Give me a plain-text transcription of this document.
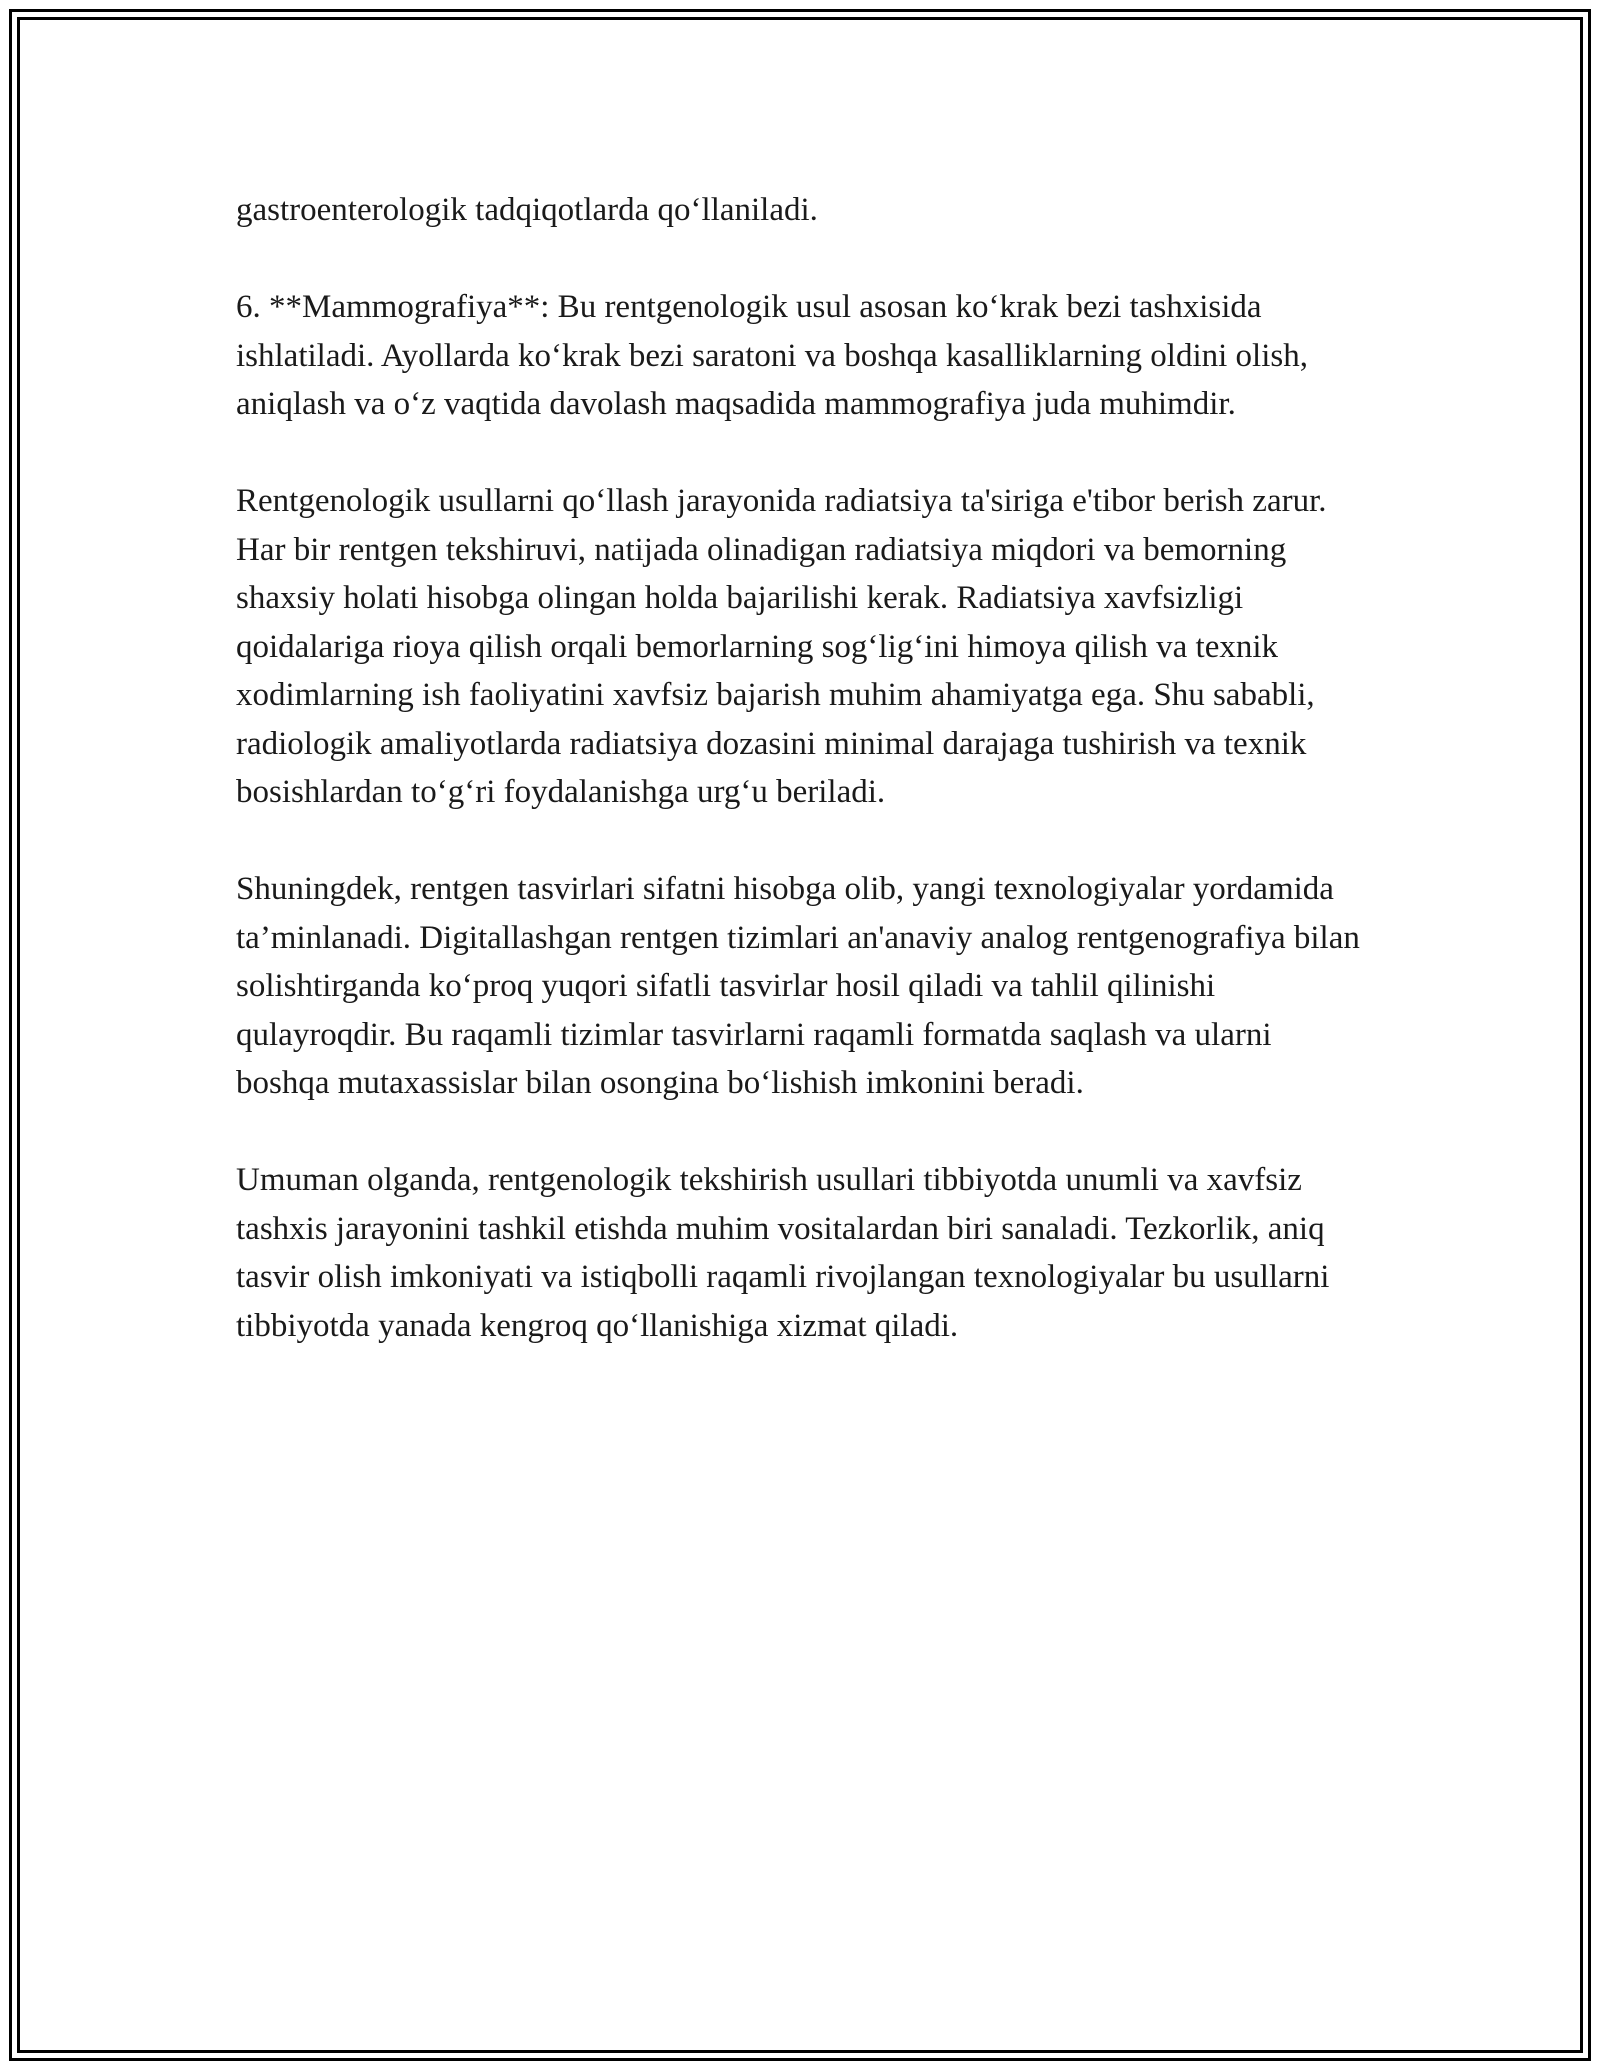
gastroenterologik tadqiqotlarda qo‘llaniladi.

6. **Mammografiya**: Bu rentgenologik usul asosan ko‘krak bezi tashxisida ishlatiladi. Ayollarda ko‘krak bezi saratoni va boshqa kasalliklarning oldini olish, aniqlash va o‘z vaqtida davolash maqsadida mammografiya juda muhimdir.

Rentgenologik usullarni qo‘llash jarayonida radiatsiya ta'siriga e'tibor berish zarur. Har bir rentgen tekshiruvi, natijada olinadigan radiatsiya miqdori va bemorning shaxsiy holati hisobga olingan holda bajarilishi kerak. Radiatsiya xavfsizligi qoidalariga rioya qilish orqali bemorlarning sog‘lig‘ini himoya qilish va texnik xodimlarning ish faoliyatini xavfsiz bajarish muhim ahamiyatga ega. Shu sababli, radiologik amaliyotlarda radiatsiya dozasini minimal darajaga tushirish va texnik bosishlardan to‘g‘ri foydalanishga urg‘u beriladi.

Shuningdek, rentgen tasvirlari sifatni hisobga olib, yangi texnologiyalar yordamida ta’minlanadi. Digitallashgan rentgen tizimlari an'anaviy analog rentgenografiya bilan solishtirganda ko‘proq yuqori sifatli tasvirlar hosil qiladi va tahlil qilinishi qulayroqdir. Bu raqamli tizimlar tasvirlarni raqamli formatda saqlash va ularni boshqa mutaxassislar bilan osongina bo‘lishish imkonini beradi.

Umuman olganda, rentgenologik tekshirish usullari tibbiyotda unumli va xavfsiz tashxis jarayonini tashkil etishda muhim vositalardan biri sanaladi. Tezkorlik, aniq tasvir olish imkoniyati va istiqbolli raqamli rivojlangan texnologiyalar bu usullarni tibbiyotda yanada kengroq qo‘llanishiga xizmat qiladi.
